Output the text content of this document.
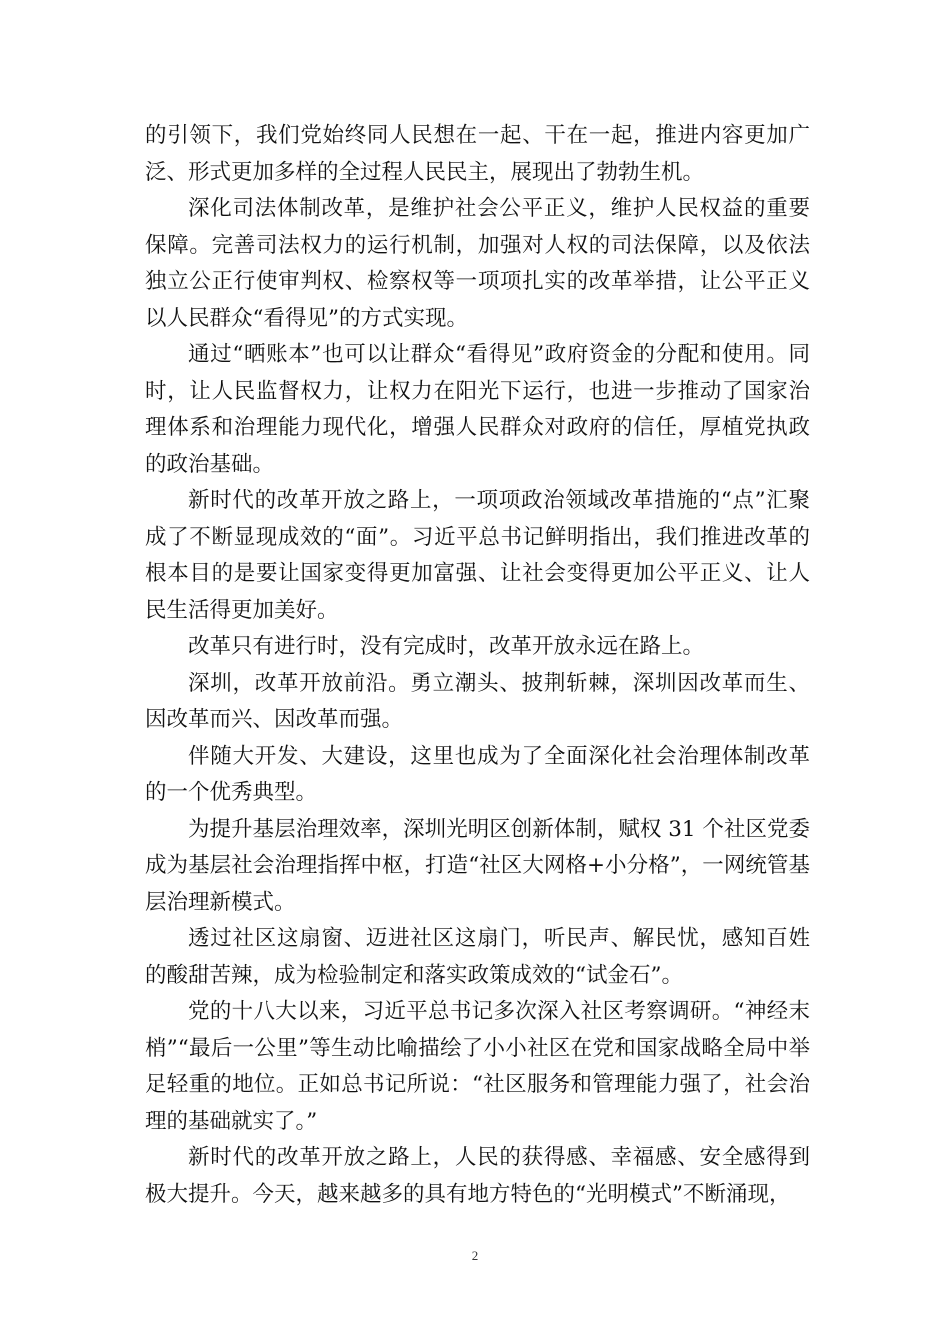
的引领下，我们党始终同人民想在一起、干在一起，推进内容更加广泛、形式更加多样的全过程人民民主，展现出了勃勃生机。

深化司法体制改革，是维护社会公平正义，维护人民权益的重要保障。完善司法权力的运行机制，加强对人权的司法保障，以及依法独立公正行使审判权、检察权等一项项扎实的改革举措，让公平正义以人民群众“看得见”的方式实现。

通过“晒账本”也可以让群众“看得见”政府资金的分配和使用。同时，让人民监督权力，让权力在阳光下运行，也进一步推动了国家治理体系和治理能力现代化，增强人民群众对政府的信任，厚植党执政的政治基础。

新时代的改革开放之路上，一项项政治领域改革措施的“点”汇聚成了不断显现成效的“面”。习近平总书记鲜明指出，我们推进改革的根本目的是要让国家变得更加富强、让社会变得更加公平正义、让人民生活得更加美好。

改革只有进行时，没有完成时，改革开放永远在路上。

深圳，改革开放前沿。勇立潮头、披荆斩棘，深圳因改革而生、因改革而兴、因改革而强。

伴随大开发、大建设，这里也成为了全面深化社会治理体制改革的一个优秀典型。

为提升基层治理效率，深圳光明区创新体制，赋权 31 个社区党委成为基层社会治理指挥中枢，打造“社区大网格+小分格”，一网统管基层治理新模式。

透过社区这扇窗、迈进社区这扇门，听民声、解民忧，感知百姓的酸甜苦辣，成为检验制定和落实政策成效的“试金石”。

党的十八大以来，习近平总书记多次深入社区考察调研。“神经末梢”“最后一公里”等生动比喻描绘了小小社区在党和国家战略全局中举足轻重的地位。正如总书记所说：“社区服务和管理能力强了，社会治理的基础就实了。”

新时代的改革开放之路上，人民的获得感、幸福感、安全感得到极大提升。今天，越来越多的具有地方特色的“光明模式”不断涌现，

2
